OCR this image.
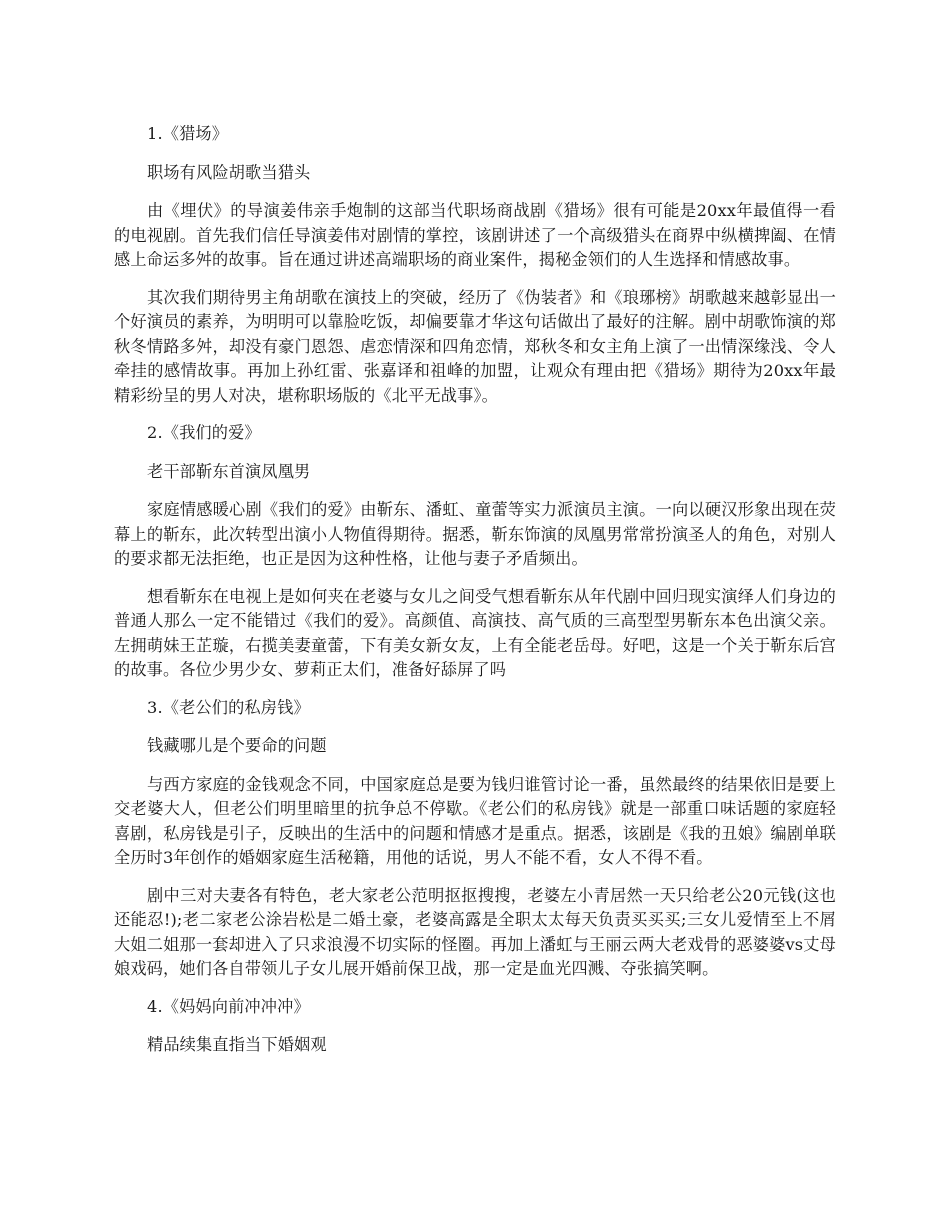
1.《猎场》

职场有风险胡歌当猎头

由《埋伏》的导演姜伟亲手炮制的这部当代职场商战剧《猎场》很有可能是20xx年最值得一看的电视剧。首先我们信任导演姜伟对剧情的掌控，该剧讲述了一个高级猎头在商界中纵横捭阖、在情感上命运多舛的故事。旨在通过讲述高端职场的商业案件，揭秘金领们的人生选择和情感故事。

其次我们期待男主角胡歌在演技上的突破，经历了《伪装者》和《琅琊榜》胡歌越来越彰显出一个好演员的素养，为明明可以靠脸吃饭，却偏要靠才华这句话做出了最好的注解。剧中胡歌饰演的郑秋冬情路多舛，却没有豪门恩怨、虐恋情深和四角恋情，郑秋冬和女主角上演了一出情深缘浅、令人牵挂的感情故事。再加上孙红雷、张嘉译和祖峰的加盟，让观众有理由把《猎场》期待为20xx年最精彩纷呈的男人对决，堪称职场版的《北平无战事》。

2.《我们的爱》

老干部靳东首演凤凰男

家庭情感暖心剧《我们的爱》由靳东、潘虹、童蕾等实力派演员主演。一向以硬汉形象出现在荧幕上的靳东，此次转型出演小人物值得期待。据悉，靳东饰演的凤凰男常常扮演圣人的角色，对别人的要求都无法拒绝，也正是因为这种性格，让他与妻子矛盾频出。

想看靳东在电视上是如何夹在老婆与女儿之间受气想看靳东从年代剧中回归现实演绎人们身边的普通人那么一定不能错过《我们的爱》。高颜值、高演技、高气质的三高型型男靳东本色出演父亲。左拥萌妹王芷璇，右揽美妻童蕾，下有美女新女友，上有全能老岳母。好吧，这是一个关于靳东后宫的故事。各位少男少女、萝莉正太们，准备好舔屏了吗

3.《老公们的私房钱》

钱藏哪儿是个要命的问题

与西方家庭的金钱观念不同，中国家庭总是要为钱归谁管讨论一番，虽然最终的结果依旧是要上交老婆大人，但老公们明里暗里的抗争总不停歇。《老公们的私房钱》就是一部重口味话题的家庭轻喜剧，私房钱是引子，反映出的生活中的问题和情感才是重点。据悉，该剧是《我的丑娘》编剧单联全历时3年创作的婚姻家庭生活秘籍，用他的话说，男人不能不看，女人不得不看。

剧中三对夫妻各有特色，老大家老公范明抠抠搜搜，老婆左小青居然一天只给老公20元钱(这也还能忍!);老二家老公涂岩松是二婚土豪，老婆高露是全职太太每天负责买买买;三女儿爱情至上不屑大姐二姐那一套却进入了只求浪漫不切实际的怪圈。再加上潘虹与王丽云两大老戏骨的恶婆婆vs丈母娘戏码，她们各自带领儿子女儿展开婚前保卫战，那一定是血光四溅、夺张搞笑啊。

4.《妈妈向前冲冲冲》

精品续集直指当下婚姻观
